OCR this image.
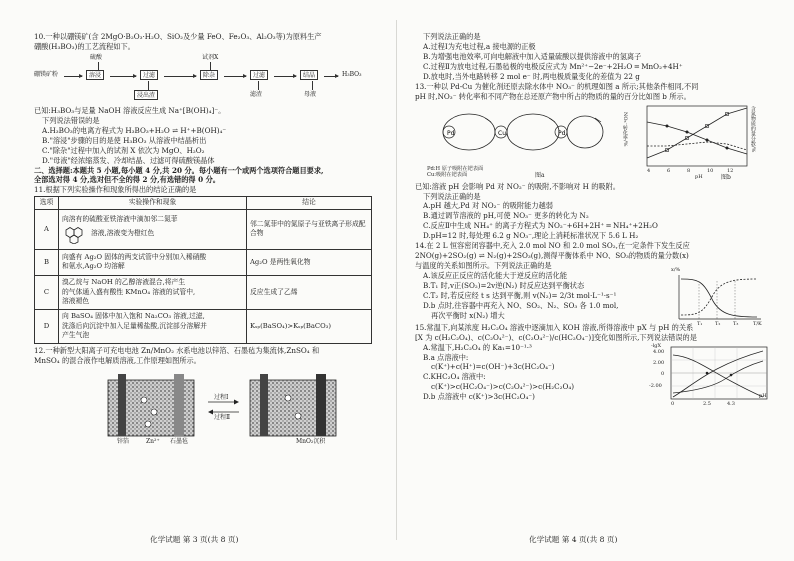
10.一种以硼镁矿(含 2MgO·B₂O₃·H₂O、SiO₂及少量 FeO、Fe₂O₃、Al₂O₃等)为原料生产

硼酸(H₃BO₃)的工艺流程如下。

硫酸	试剂X
硼镁矿粉	溶浸	过滤	除杂	过滤	结晶	H₃BO₃
浸出渣	滤渣	母液

已知:H₃BO₃与足量 NaOH 溶液反应生成 Na⁺[B(OH)₄]⁻。

下列说法错误的是

A.H₃BO₃的电离方程式为 H₃BO₃+H₂O ⇌ H⁺+B(OH)₄⁻

B."溶浸"步骤的目的是使 H₃BO₃ 从溶液中结晶析出

C."除杂"过程中加入的试剂 X 依次为 MgO、H₂O₂

D."母液"经浓缩蒸发、冷却结晶、过滤可得硫酸镁晶体

二、选择题:本题共 5 小题,每小题 4 分,共 20 分。每小题有一个或两个选项符合题目要求,

全部选对得 4 分,选对但不全的得 2 分,有选错的得 0 分。

11.根据下列实验操作和现象所得出的结论正确的是

选项	实验操作和现象	结论
A	向溶有的硫酸亚铁溶液中滴加邻二氮菲
溶液,溶液变为橙红色	邻二氮菲中的氮原子与亚铁离子形成配合物
B	向盛有 Ag₂O 固体的两支试管中分别加入稀硝酸
和氨水,Ag₂O 均溶解	Ag₂O 是两性氧化物
C	溴乙烷与 NaOH 的乙醇溶液混合,将产生
的气体通入盛有酸性 KMnO₄ 溶液的试管中,
溶液褪色	反应生成了乙烯
D	向 BaSO₄ 固体中加入饱和 Na₂CO₃ 溶液,过滤,
洗涤后向沉淀中加入足量稀盐酸,沉淀部分溶解并
产生气泡	Kₛₚ(BaSO₄)>Kₛₚ(BaCO₃)

12.一种新型大阳离子可充电电池 Zn/MnO₂ 水系电池以锌箔、石墨毡为集流体,ZnSO₄ 和

MnSO₄ 的混合液作电解质溶液,工作原理如图所示。

锌箔	Zn²⁺ 石墨毡
过程Ⅰ
过程Ⅱ
MnO₂沉积
化学试题 第 3 页(共 8 页)

下列说法正确的是

A.过程Ⅰ为充电过程,a 接电源的正极

B.为增强电池效率,可向电解液中加入适量硫酸以提供溶液中的氢离子

C.过程Ⅱ为放电过程,石墨毡极的电极反应式为 Mn²⁺−2e⁻+2H₂O ═ MnO₂+4H⁺

D.放电时,当外电路转移 2 mol e⁻ 时,两电极质量变化的差值为 22 g

13.一种以 Pd-Cu 为催化剂还原去除水体中 NO₃⁻ 的机理如图 a 所示;其他条件相同,不同

pH 时,NO₃⁻ 转化率和不同产物在总还原产物中所占的物质的量的百分比如图 b 所示。

Pd	Cu	Pd
Pd:H 原子吸附在钯表面
Cu:吸附在钯表面	图a
4	6	8	10	12
pH
NO₃⁻转化率/%	含氮物质的量分数/%
图b

已知:溶液 pH 会影响 Pd 对 NO₂⁻ 的吸附,不影响对 H 的吸附。

下列说法正确的是

A.pH 越大,Pd 对 NO₂⁻ 的吸附能力越弱

B.通过调节溶液的 pH,可使 NO₃⁻ 更多的转化为 N₂

C.反应Ⅱ中生成 NH₄⁺ 的离子方程式为 NO₂⁻+6H+2H⁺ ═ NH₄⁺+2H₂O

D.pH=12 时,每处理 6.2 g NO₃⁻,理论上消耗标准状况下 5.6 L H₂

14.在 2 L 恒容密闭容器中,充入 2.0 mol NO 和 2.0 mol SO₂,在一定条件下发生反应

2NO(g)+2SO₂(g) ⇌ N₂(g)+2SO₃(g),测得平衡体系中 NO、SO₃的物质的量分数(x)

与温度的关系如图所示。下列说法正确的是

A.该反应正反应的活化能大于逆反应的活化能

B.T₁ 时,v正(SO₂)=2v逆(N₂) 时反应达到平衡状态

C.T₂ 时,若反应经 t s 达到平衡,则 v(N₂)= 2/3t mol·L⁻¹·s⁻¹

D.b 点时,往容器中再充入 NO、SO₂、N₂、SO₃ 各 1.0 mol,

再次平衡时 x(N₂) 增大

x/%
T₁	T₂	T₃	T/K

15.常温下,向某浓度 H₂C₂O₄ 溶液中逐滴加入 KOH 溶液,所得溶液中 pX 与 pH 的关系

[X 为 c(H₂C₂O₄)、c(C₂O₄²⁻)、c(C₂O₄²⁻)/c(HC₂O₄⁻)]变化如图所示,下列说法错误的是

A.常温下,H₂C₂O₄ 的 Ka₁=10⁻¹·³

B.a 点溶液中:

c(K⁺)+c(H⁺)=c(OH⁻)+3c(HC₂O₄⁻)

C.KHC₂O₄ 溶液中:

c(K⁺)>c(HC₂O₄⁻)>c(C₂O₄²⁻)>c(H₂C₂O₄)

D.b 点溶液中 c(K⁺)>3c(HC₂O₄⁻)

-lgX
4.00
2.00
0
-2.00
0	2.5	4.3
pH
化学试题 第 4 页(共 8 页)
